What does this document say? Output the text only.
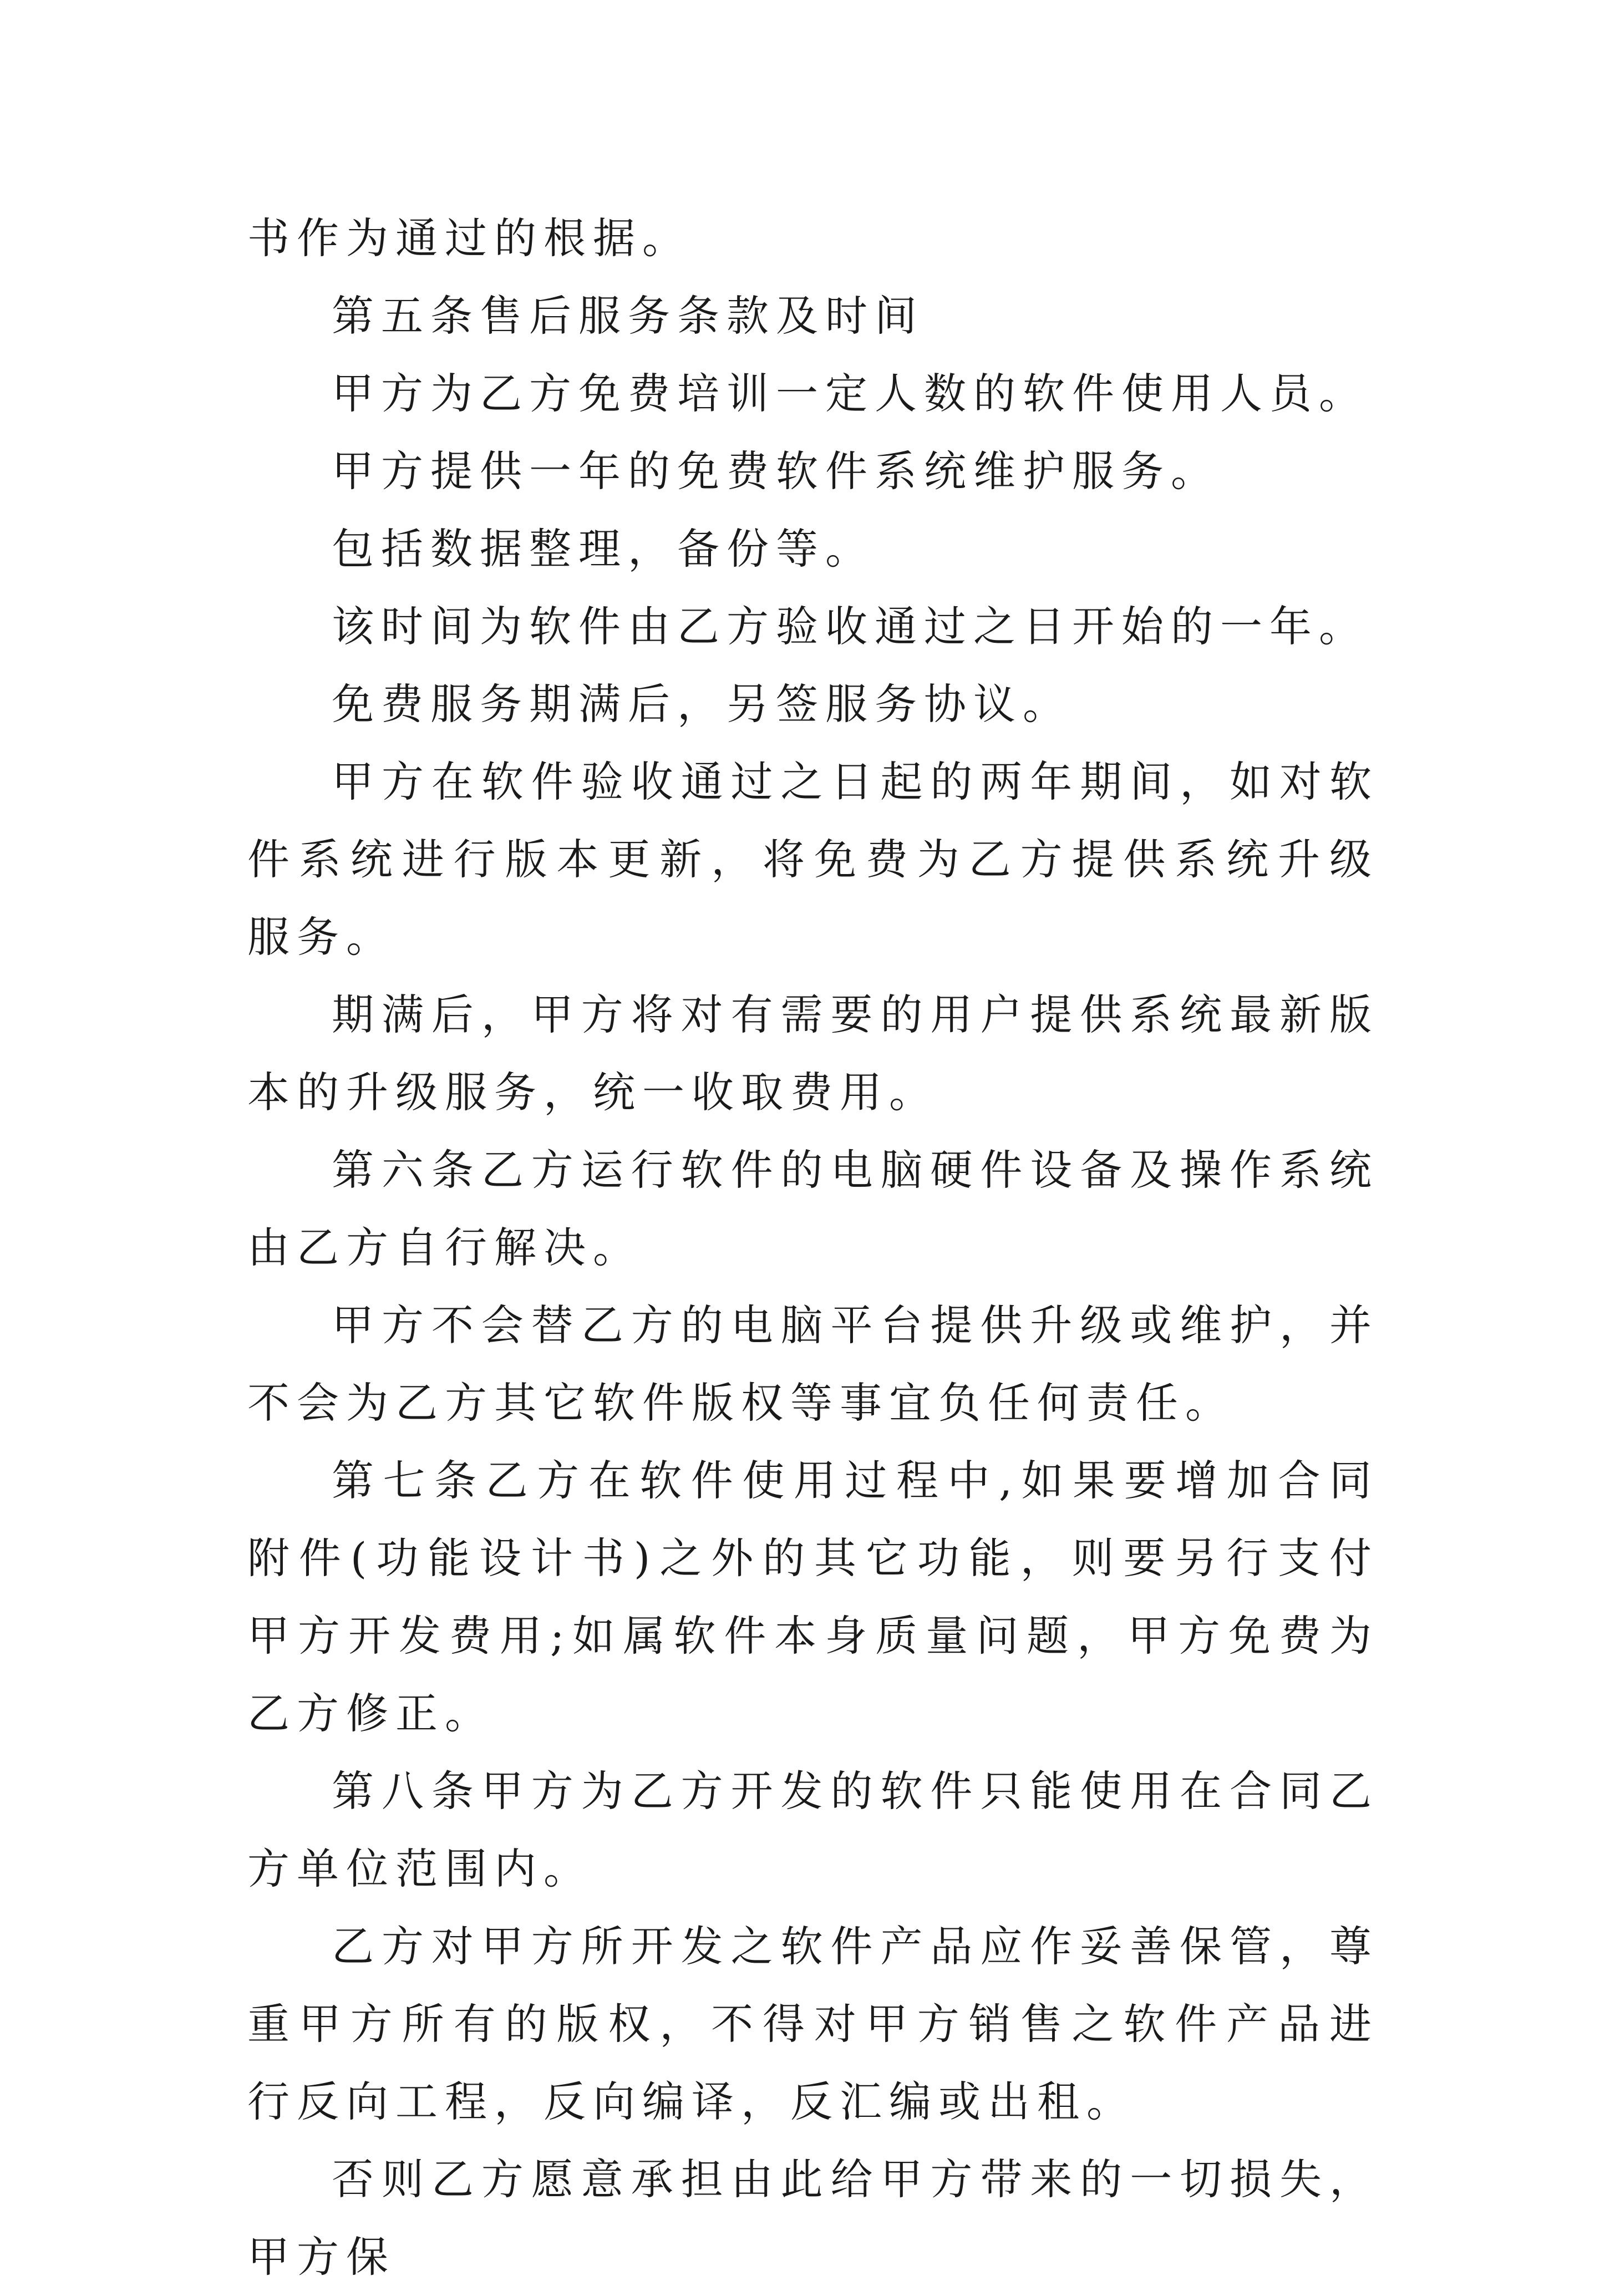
书作为通过的根据。

第五条售后服务条款及时间

甲方为乙方免费培训一定人数的软件使用人员。

甲方提供一年的免费软件系统维护服务。

包括数据整理，备份等。

该时间为软件由乙方验收通过之日开始的一年。

免费服务期满后，另签服务协议。

甲方在软件验收通过之日起的两年期间，如对软件系统进行版本更新，将免费为乙方提供系统升级服务。

期满后，甲方将对有需要的用户提供系统最新版本的升级服务，统一收取费用。

第六条乙方运行软件的电脑硬件设备及操作系统由乙方自行解决。

甲方不会替乙方的电脑平台提供升级或维护，并不会为乙方其它软件版权等事宜负任何责任。

第七条乙方在软件使用过程中,如果要增加合同附件(功能设计书)之外的其它功能，则要另行支付甲方开发费用;如属软件本身质量问题，甲方免费为乙方修正。

第八条甲方为乙方开发的软件只能使用在合同乙方单位范围内。

乙方对甲方所开发之软件产品应作妥善保管，尊重甲方所有的版权，不得对甲方销售之软件产品进行反向工程，反向编译，反汇编或出租。

否则乙方愿意承担由此给甲方带来的一切损失，甲方保
